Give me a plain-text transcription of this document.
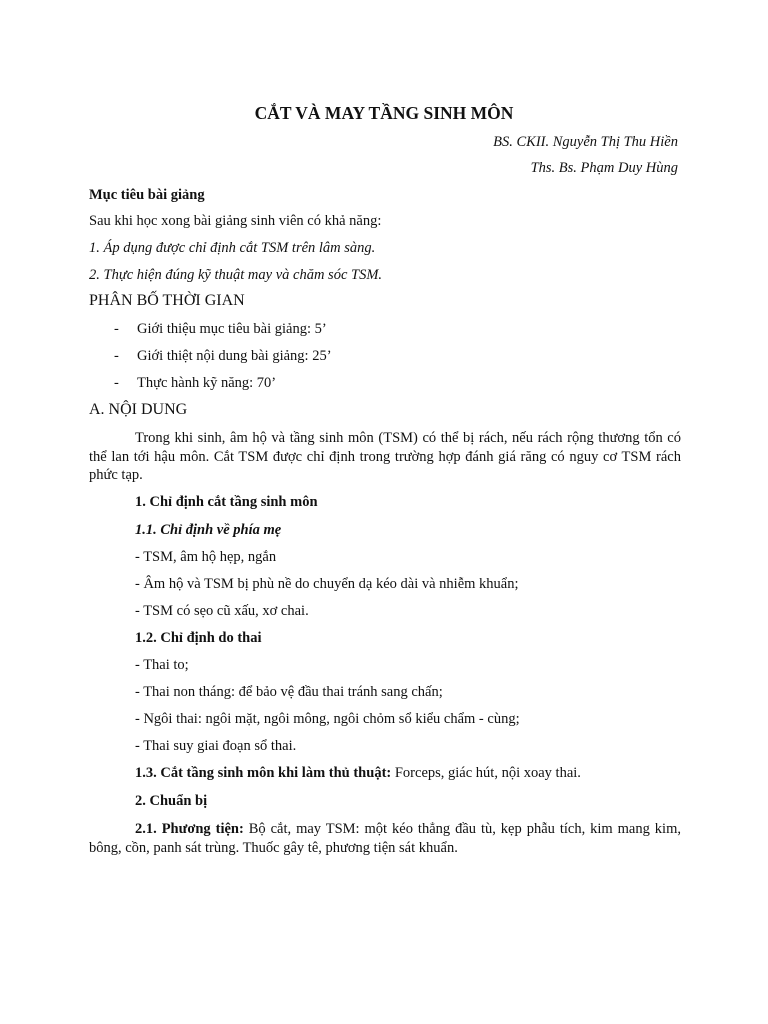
CẮT VÀ MAY TẦNG SINH MÔN
BS. CKII. Nguyễn Thị Thu Hiền
Ths. Bs. Phạm Duy Hùng
Mục tiêu bài giảng
Sau khi học xong bài giảng sinh viên có khả năng:
1. Áp dụng được chỉ định cắt TSM trên lâm sàng.
2. Thực hiện đúng kỹ thuật may và chăm sóc TSM.
PHÂN BỐ THỜI GIAN
- Giới thiệu mục tiêu bài giảng: 5’
- Giới thiệt nội dung bài giảng: 25’
- Thực hành kỹ năng: 70’
A. NỘI DUNG
Trong khi sinh, âm hộ và tầng sinh môn (TSM) có thể bị rách, nếu rách rộng thương tổn có thể lan tới hậu môn. Cắt TSM được chỉ định trong trường hợp đánh giá răng có nguy cơ TSM rách phức tạp.
1. Chỉ định cắt tầng sinh môn
1.1. Chỉ định về phía mẹ
- TSM, âm hộ hẹp, ngắn
- Âm hộ và TSM bị phù nề do chuyển dạ kéo dài và nhiễm khuẩn;
- TSM có sẹo cũ xấu, xơ chai.
1.2. Chỉ định do thai
- Thai to;
- Thai non tháng: để bảo vệ đầu thai tránh sang chấn;
- Ngôi thai: ngôi mặt, ngôi mông, ngôi chỏm sổ kiểu chẩm - cùng;
- Thai suy giai đoạn sổ thai.
1.3. Cắt tầng sinh môn khi làm thủ thuật: Forceps, giác hút, nội xoay thai.
2. Chuẩn bị
2.1. Phương tiện: Bộ cắt, may TSM: một kéo thẳng đầu tù, kẹp phẫu tích, kim mang kim, bông, cồn, panh sát trùng. Thuốc gây tê, phương tiện sát khuẩn.
